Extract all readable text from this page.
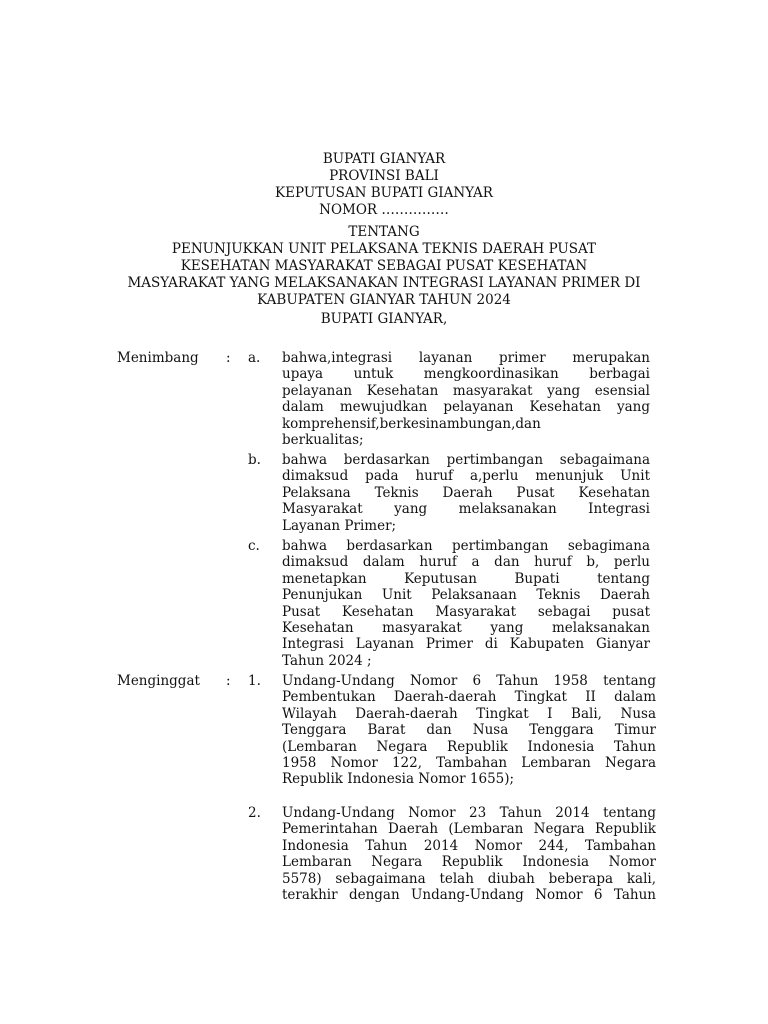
BUPATI GIANYAR
PROVINSI BALI
KEPUTUSAN BUPATI GIANYAR
NOMOR ……………
TENTANG
PENUNJUKKAN UNIT PELAKSANA TEKNIS DAERAH PUSAT
KESEHATAN MASYARAKAT SEBAGAI PUSAT KESEHATAN
MASYARAKAT YANG MELAKSANAKAN INTEGRASI LAYANAN PRIMER DI
KABUPATEN GIANYAR TAHUN 2024
BUPATI GIANYAR,
Menimbang : a. bahwa,integrasi layanan primer merupakan
upaya untuk mengkoordinasikan berbagai
pelayanan Kesehatan masyarakat yang esensial
dalam mewujudkan pelayanan Kesehatan yang
komprehensif,berkesinambungan,dan
berkualitas;
b. bahwa berdasarkan pertimbangan sebagaimana
dimaksud pada huruf a,perlu menunjuk Unit
Pelaksana Teknis Daerah Pusat Kesehatan
Masyarakat yang melaksanakan Integrasi
Layanan Primer;
c. bahwa berdasarkan pertimbangan sebagimana
dimaksud dalam huruf a dan huruf b, perlu
menetapkan Keputusan Bupati tentang
Penunjukan Unit Pelaksanaan Teknis Daerah
Pusat Kesehatan Masyarakat sebagai pusat
Kesehatan masyarakat yang melaksanakan
Integrasi Layanan Primer di Kabupaten Gianyar
Tahun 2024 ;
Menginggat : 1. Undang-Undang Nomor 6 Tahun 1958 tentang
Pembentukan Daerah-daerah Tingkat II dalam
Wilayah Daerah-daerah Tingkat I Bali, Nusa
Tenggara Barat dan Nusa Tenggara Timur
(Lembaran Negara Republik Indonesia Tahun
1958 Nomor 122, Tambahan Lembaran Negara
Republik Indonesia Nomor 1655);
2. Undang-Undang Nomor 23 Tahun 2014 tentang
Pemerintahan Daerah (Lembaran Negara Republik
Indonesia Tahun 2014 Nomor 244, Tambahan
Lembaran Negara Republik Indonesia Nomor
5578) sebagaimana telah diubah beberapa kali,
terakhir dengan Undang-Undang Nomor 6 Tahun
